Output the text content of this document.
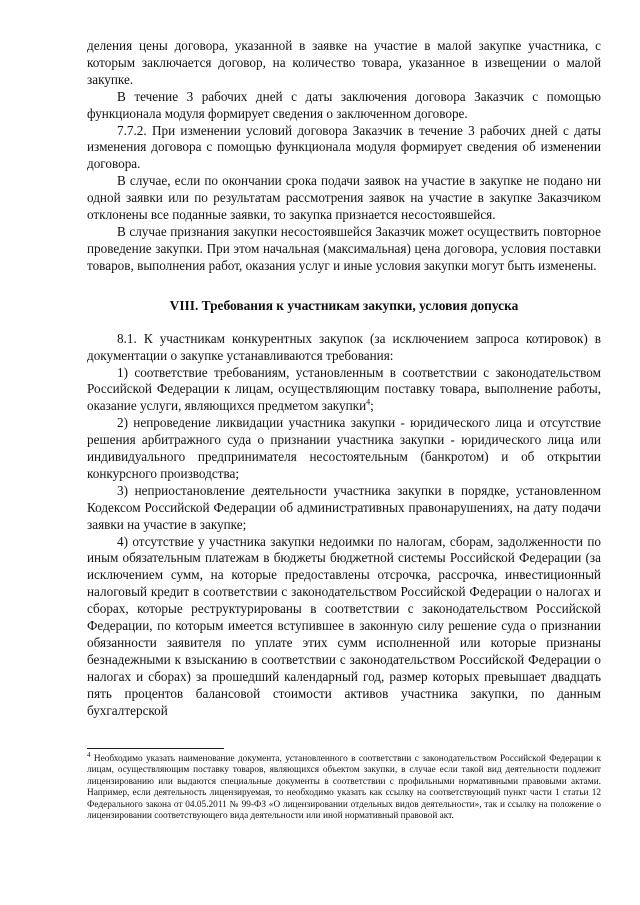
деления цены договора, указанной в заявке на участие в малой закупке участника, с которым заключается договор, на количество товара, указанное в извещении о малой закупке.

В течение 3 рабочих дней с даты заключения договора Заказчик с помощью функционала модуля формирует сведения о заключенном договоре.

7.7.2. При изменении условий договора Заказчик в течение 3 рабочих дней с даты изменения договора с помощью функционала модуля формирует сведения об изменении договора.

В случае, если по окончании срока подачи заявок на участие в закупке не подано ни одной заявки или по результатам рассмотрения заявок на участие в закупке Заказчиком отклонены все поданные заявки, то закупка признается несостоявшейся.

В случае признания закупки несостоявшейся Заказчик может осуществить повторное проведение закупки. При этом начальная (максимальная) цена договора, условия поставки товаров, выполнения работ, оказания услуг и иные условия закупки могут быть изменены.

VIII. Требования к участникам закупки, условия допуска

8.1. К участникам конкурентных закупок (за исключением запроса котировок) в документации о закупке устанавливаются требования:

1) соответствие требованиям, установленным в соответствии с законодательством Российской Федерации к лицам, осуществляющим поставку товара, выполнение работы, оказание услуги, являющихся предметом закупки$^4$;

2) непроведение ликвидации участника закупки - юридического лица и отсутствие решения арбитражного суда о признании участника закупки - юридического лица или индивидуального предпринимателя несостоятельным (банкротом) и об открытии конкурсного производства;

3) неприостановление деятельности участника закупки в порядке, установленном Кодексом Российской Федерации об административных правонарушениях, на дату подачи заявки на участие в закупке;

4) отсутствие у участника закупки недоимки по налогам, сборам, задолженности по иным обязательным платежам в бюджеты бюджетной системы Российской Федерации (за исключением сумм, на которые предоставлены отсрочка, рассрочка, инвестиционный налоговый кредит в соответствии с законодательством Российской Федерации о налогах и сборах, которые реструктурированы в соответствии с законодательством Российской Федерации, по которым имеется вступившее в законную силу решение суда о признании обязанности заявителя по уплате этих сумм исполненной или которые признаны безнадежными к взысканию в соответствии с законодательством Российской Федерации о налогах и сборах) за прошедший календарный год, размер которых превышает двадцать пять процентов балансовой стоимости активов участника закупки, по данным бухгалтерской

$^4$ Необходимо указать наименование документа, установленного в соответствии с законодательством Российской Федерации к лицам, осуществляющим поставку товаров, являющихся объектом закупки, в случае если такой вид деятельности подлежит лицензированию или выдаются специальные документы в соответствии с профильными нормативными правовыми актами. Например, если деятельность лицензируемая, то необходимо указать как ссылку на соответствующий пункт части 1 статьи 12 Федерального закона от 04.05.2011 № 99-ФЗ «О лицензировании отдельных видов деятельности», так и ссылку на положение о лицензировании соответствующего вида деятельности или иной нормативный правовой акт.
